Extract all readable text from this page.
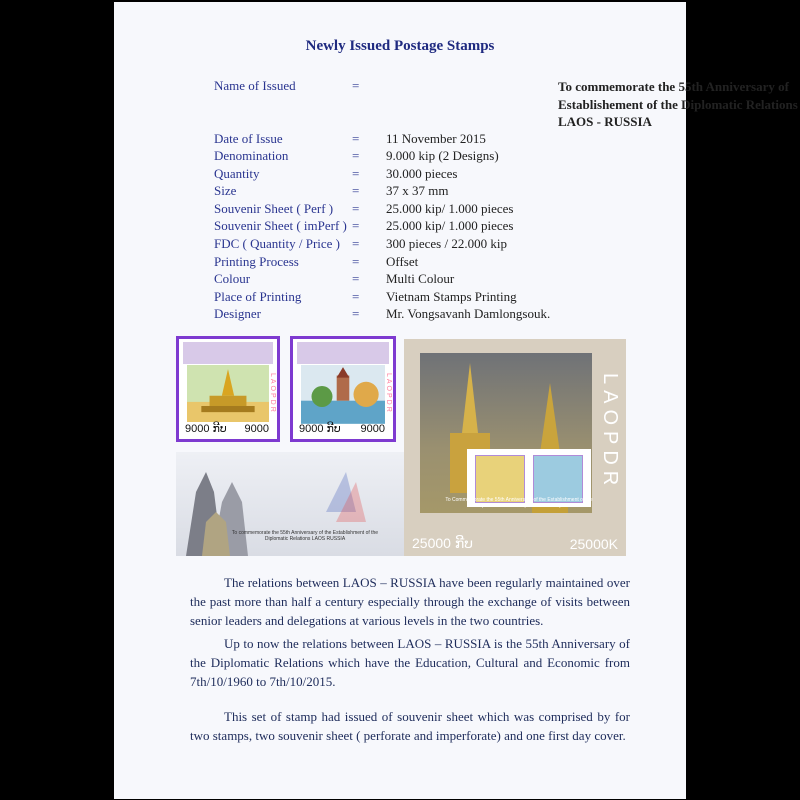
Newly Issued Postage Stamps
Name of Issued	=	To commemorate the 55th Anniversary of
Establishement of the Diplomatic Relations
LAOS - RUSSIA
Date of Issue	= 11 November 2015
Denomination	= 9.000 kip (2 Designs)
Quantity	= 30.000 pieces
Size	= 37 x 37 mm
Souvenir Sheet ( Perf ) = 25.000 kip/ 1.000 pieces
Souvenir Sheet ( imPerf ) = 25.000 kip/ 1.000 pieces
FDC ( Quantity / Price ) = 300 pieces / 22.000 kip
Printing Process	= Offset
Colour	= Multi Colour
Place of Printing	= Vietnam Stamps Printing
Designer	= Mr. Vongsavanh Damlongsouk.
LAOPDR
9000 ກີບ 9000
LAOPDR
9000 ກີບ 9000
To commemorate the 55th Anniversary of the Establishment of the Diplomatic Relations LAOS RUSSIA
LAOPDR
To Commemorate the 55th Anniversary of the Establishment of the Diplomatic Relations (LAOS-RUSSIA)
25000 ກີບ	25000K
The relations between LAOS – RUSSIA have been regularly maintained over the past more than half a century especially through the exchange of visits between senior leaders and delegations at various levels in the two countries.
Up to now the relations between LAOS – RUSSIA is the 55th Anniversary of the Diplomatic Relations which have the Education, Cultural and Economic from 7th/10/1960 to 7th/10/2015.
This set of stamp had issued of souvenir sheet which was comprised by for two stamps, two souvenir sheet ( perforate and imperforate) and one first day cover.
